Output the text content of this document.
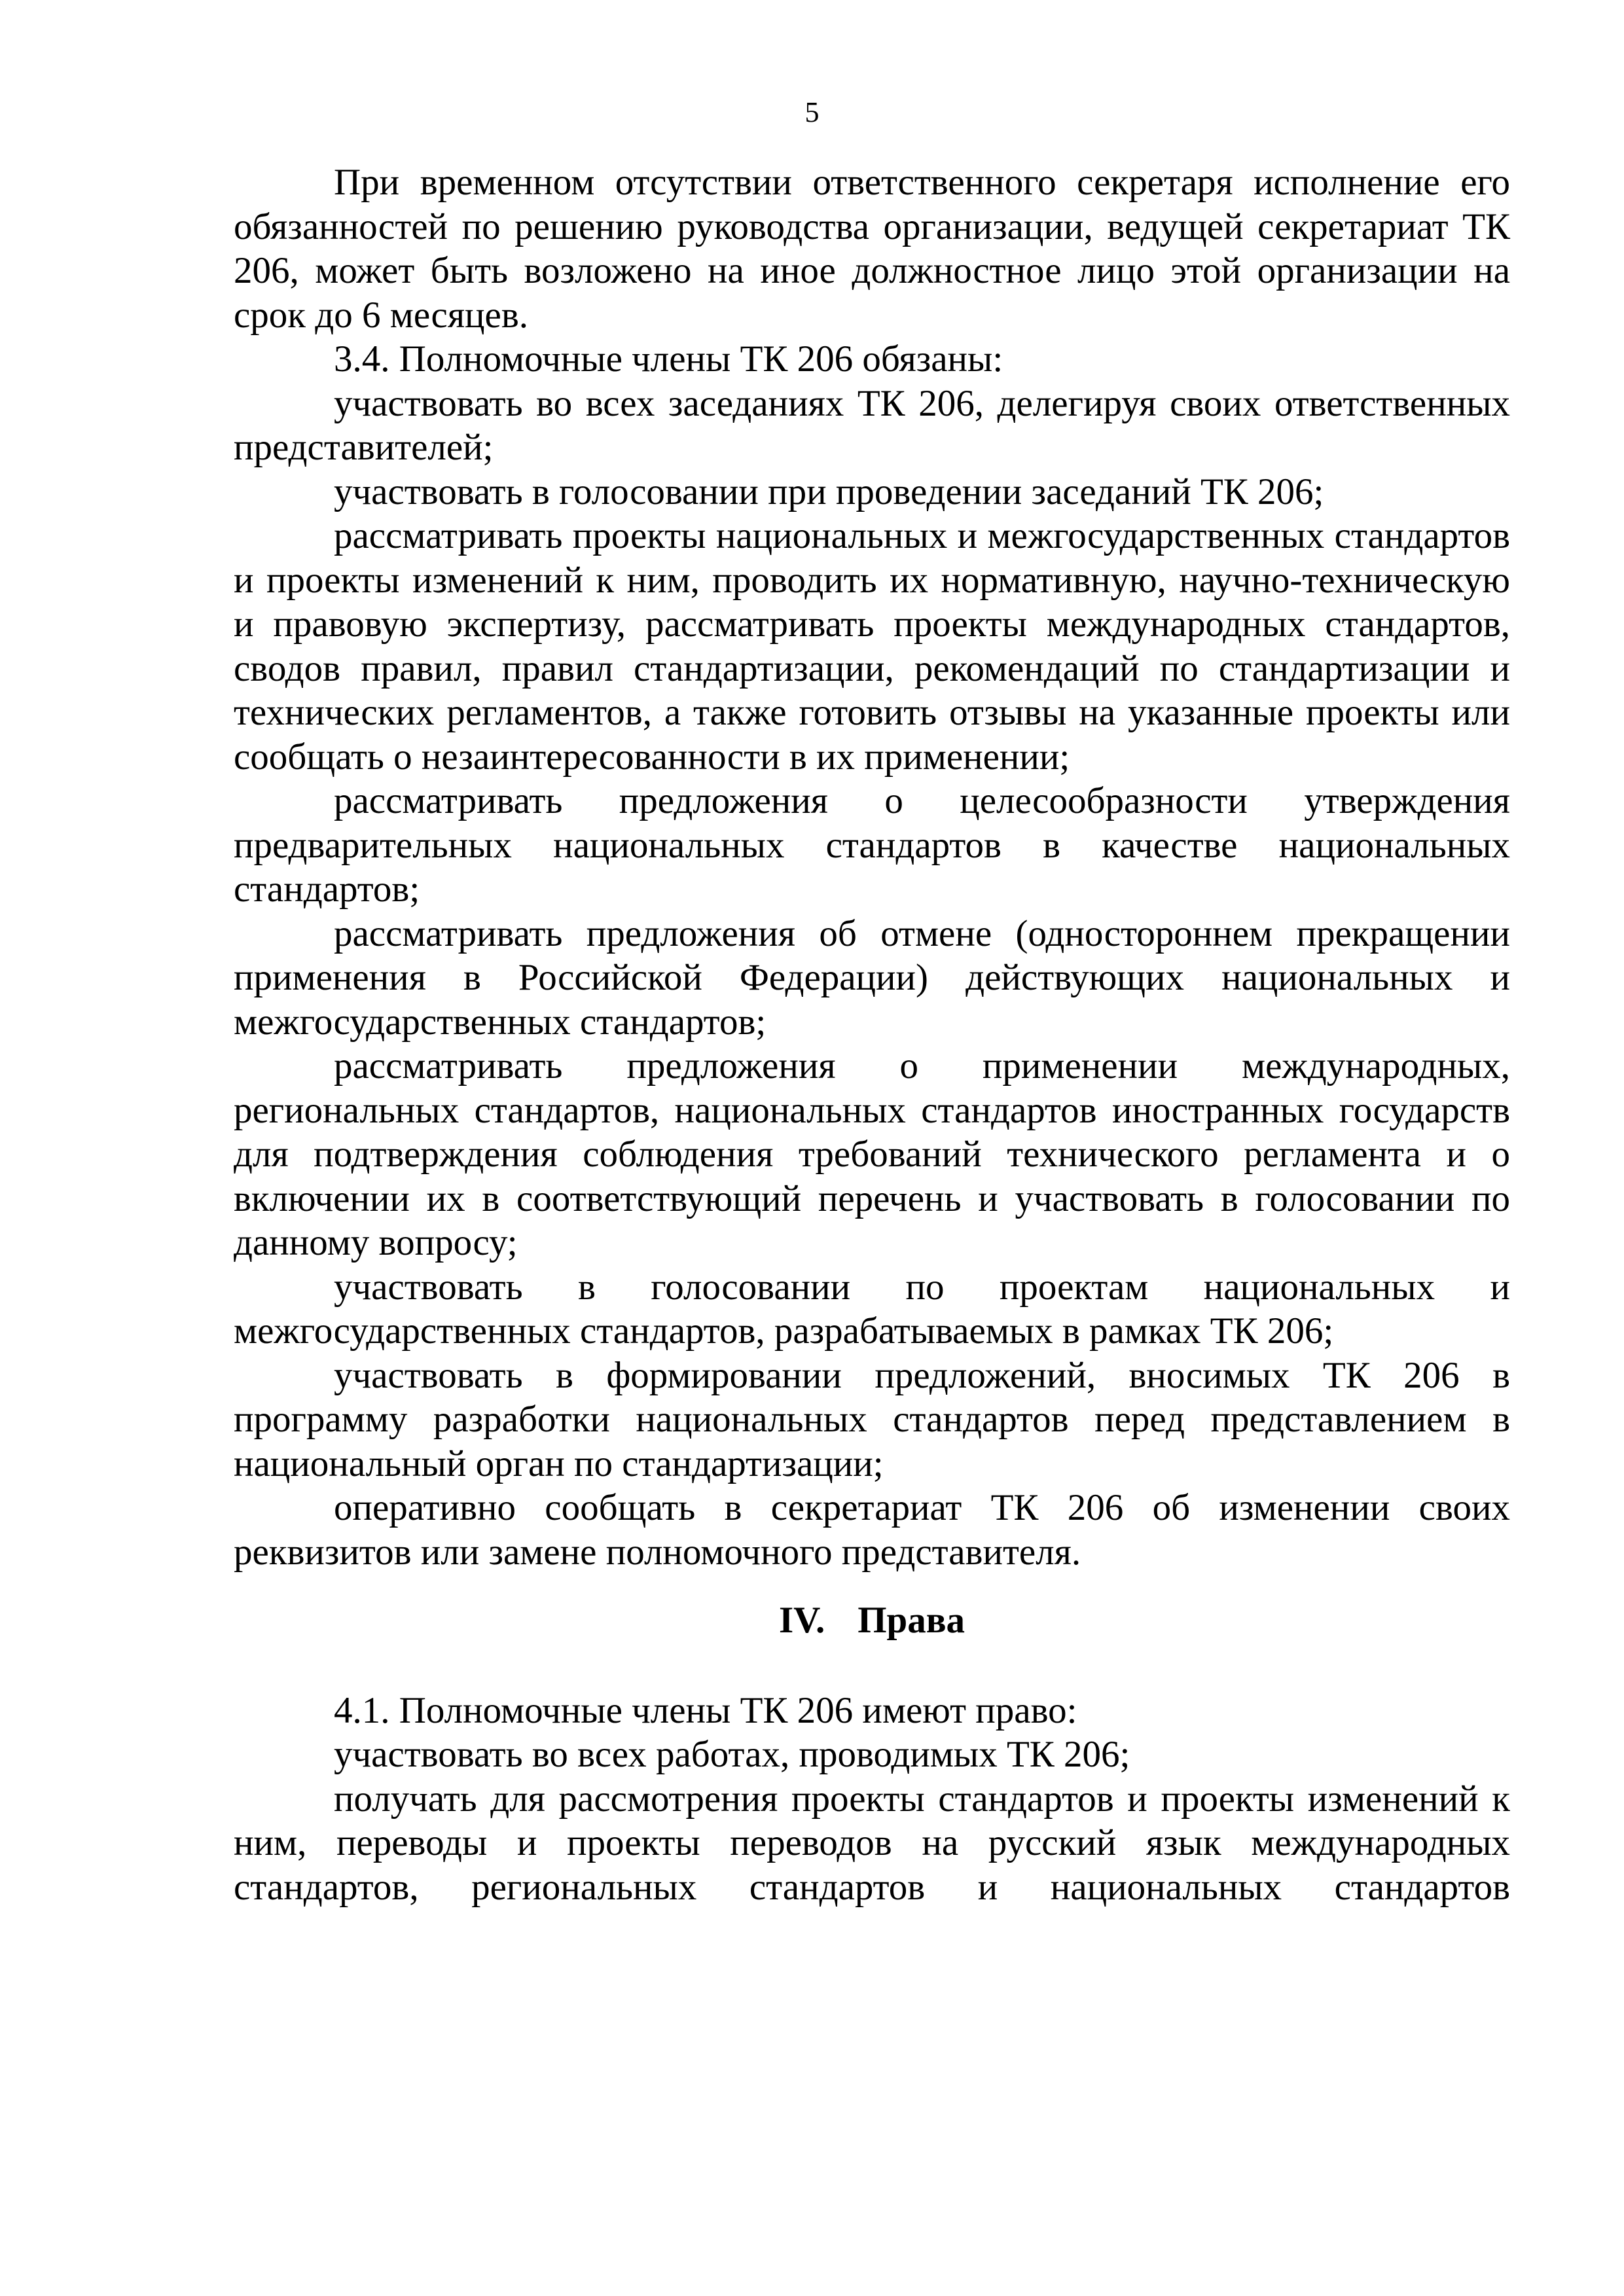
5

При временном отсутствии ответственного секретаря исполнение его обязанностей по решению руководства организации, ведущей секретариат ТК 206, может быть возложено на иное должностное лицо этой организации на срок до 6 месяцев.

3.4. Полномочные члены ТК 206 обязаны:

участвовать во всех заседаниях ТК 206, делегируя своих ответственных представителей;

участвовать в голосовании при проведении заседаний ТК 206;

рассматривать проекты национальных и межгосударственных стандартов и проекты изменений к ним, проводить их нормативную, научно-техническую и правовую экспертизу, рассматривать проекты международных стандартов, сводов правил, правил стандартизации, рекомендаций по стандартизации и технических регламентов, а также готовить отзывы на указанные проекты или сообщать о незаинтересованности в их применении;

рассматривать предложения о целесообразности утверждения предварительных национальных стандартов в качестве национальных стандартов;

рассматривать предложения об отмене (одностороннем прекращении применения в Российской Федерации) действующих национальных и межгосударственных стандартов;

рассматривать предложения о применении международных, региональных стандартов, национальных стандартов иностранных государств для подтверждения соблюдения требований технического регламента и о включении их в соответствующий перечень и участвовать в голосовании по данному вопросу;

участвовать в голосовании по проектам национальных и межгосударственных стандартов, разрабатываемых в рамках ТК 206;

участвовать в формировании предложений, вносимых ТК 206 в программу разработки национальных стандартов перед представлением в национальный орган по стандартизации;

оперативно сообщать в секретариат ТК 206 об изменении своих реквизитов или замене полномочного представителя.

IV. Права

4.1. Полномочные члены ТК 206 имеют право:

участвовать во всех работах, проводимых ТК 206;

получать для рассмотрения проекты стандартов и проекты изменений к ним, переводы и проекты переводов на русский язык международных стандартов, региональных стандартов и национальных стандартов
